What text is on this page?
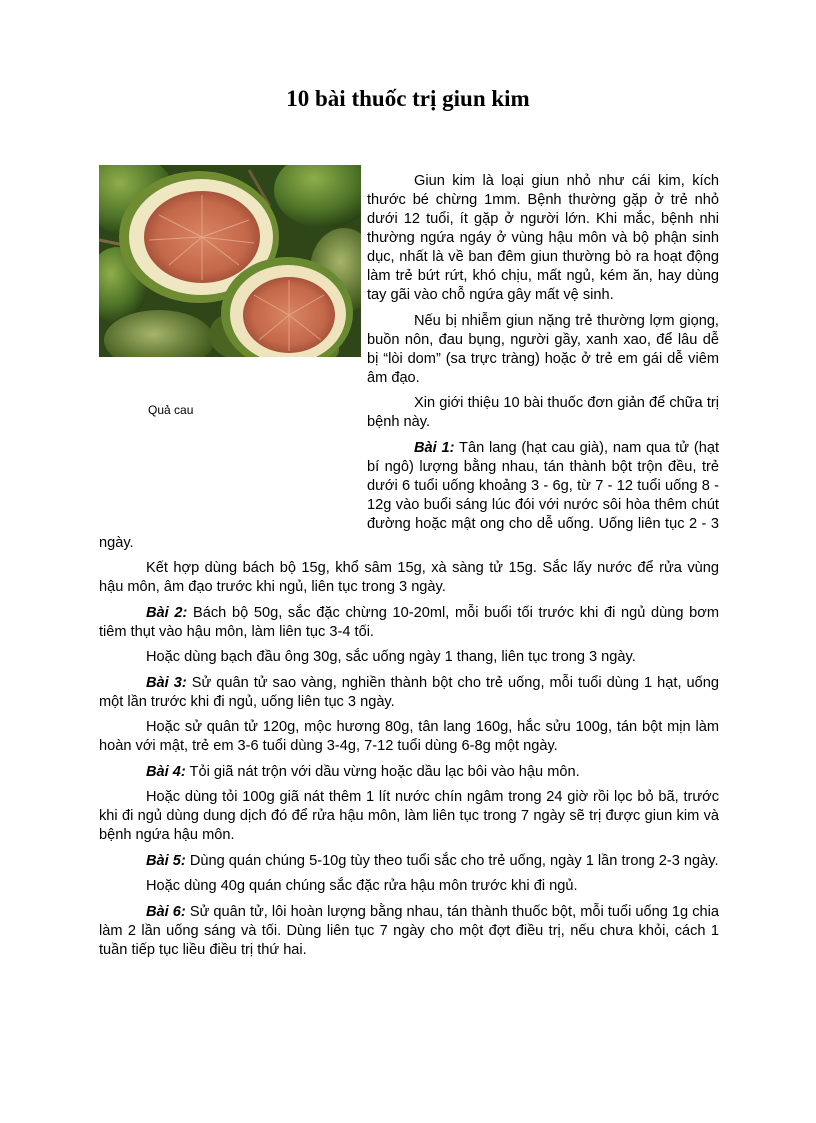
10 bài thuốc trị giun kim
Quả cau

Giun kim là loại giun nhỏ như cái kim, kích thước bé chừng 1mm. Bệnh thường gặp ở trẻ nhỏ dưới 12 tuổi, ít gặp ở người lớn. Khi mắc, bệnh nhi thường ngứa ngáy ở vùng hậu môn và bộ phận sinh dục, nhất là về ban đêm giun thường bò ra hoạt động làm trẻ bứt rứt, khó chịu, mất ngủ, kém ăn, hay dùng tay gãi vào chỗ ngứa gây mất vệ sinh.

Nếu bị nhiễm giun nặng trẻ thường lợm giọng, buồn nôn, đau bụng, người gầy, xanh xao, để lâu dễ bị “lòi dom” (sa trực tràng) hoặc ở trẻ em gái dễ viêm âm đạo.

Xin giới thiệu 10 bài thuốc đơn giản để chữa trị bệnh này.

Bài 1: Tân lang (hạt cau già), nam qua tử (hạt bí ngô) lượng bằng nhau, tán thành bột trộn đều, trẻ dưới 6 tuổi uống khoảng 3 - 6g, từ 7 - 12 tuổi uống 8 - 12g vào buổi sáng lúc đói với nước sôi hòa thêm chút đường hoặc mật ong cho dễ uống. Uống liên tục 2 - 3 ngày.

Kết hợp dùng bách bộ 15g, khổ sâm 15g, xà sàng tử 15g. Sắc lấy nước để rửa vùng hậu môn, âm đạo trước khi ngủ, liên tục trong 3 ngày.

Bài 2: Bách bộ 50g, sắc đặc chừng 10-20ml, mỗi buổi tối trước khi đi ngủ dùng bơm tiêm thụt vào hậu môn, làm liên tục 3-4 tối.

Hoặc dùng bạch đầu ông 30g, sắc uống ngày 1 thang, liên tục trong 3 ngày.

Bài 3: Sử quân tử sao vàng, nghiền thành bột cho trẻ uống, mỗi tuổi dùng 1 hạt, uống một lần trước khi đi ngủ, uống liên tục 3 ngày.

Hoặc sử quân tử 120g, mộc hương 80g, tân lang 160g, hắc sửu 100g, tán bột mịn làm hoàn với mật, trẻ em 3-6 tuổi dùng 3-4g, 7-12 tuổi dùng 6-8g một ngày.

Bài 4: Tỏi giã nát trộn với dầu vừng hoặc dầu lạc bôi vào hậu môn.

Hoặc dùng tỏi 100g giã nát thêm 1 lít nước chín ngâm trong 24 giờ rồi lọc bỏ bã, trước khi đi ngủ dùng dung dịch đó để rửa hậu môn, làm liên tục trong 7 ngày sẽ trị được giun kim và bệnh ngứa hậu môn.

Bài 5: Dùng quán chúng 5-10g tùy theo tuổi sắc cho trẻ uống, ngày 1 lần trong 2-3 ngày.

Hoặc dùng 40g quán chúng sắc đặc rửa hậu môn trước khi đi ngủ.

Bài 6: Sử quân tử, lôi hoàn lượng bằng nhau, tán thành thuốc bột, mỗi tuổi uống 1g chia làm 2 lần uống sáng và tối. Dùng liên tục 7 ngày cho một đợt điều trị, nếu chưa khỏi, cách 1 tuần tiếp tục liều điều trị thứ hai.
